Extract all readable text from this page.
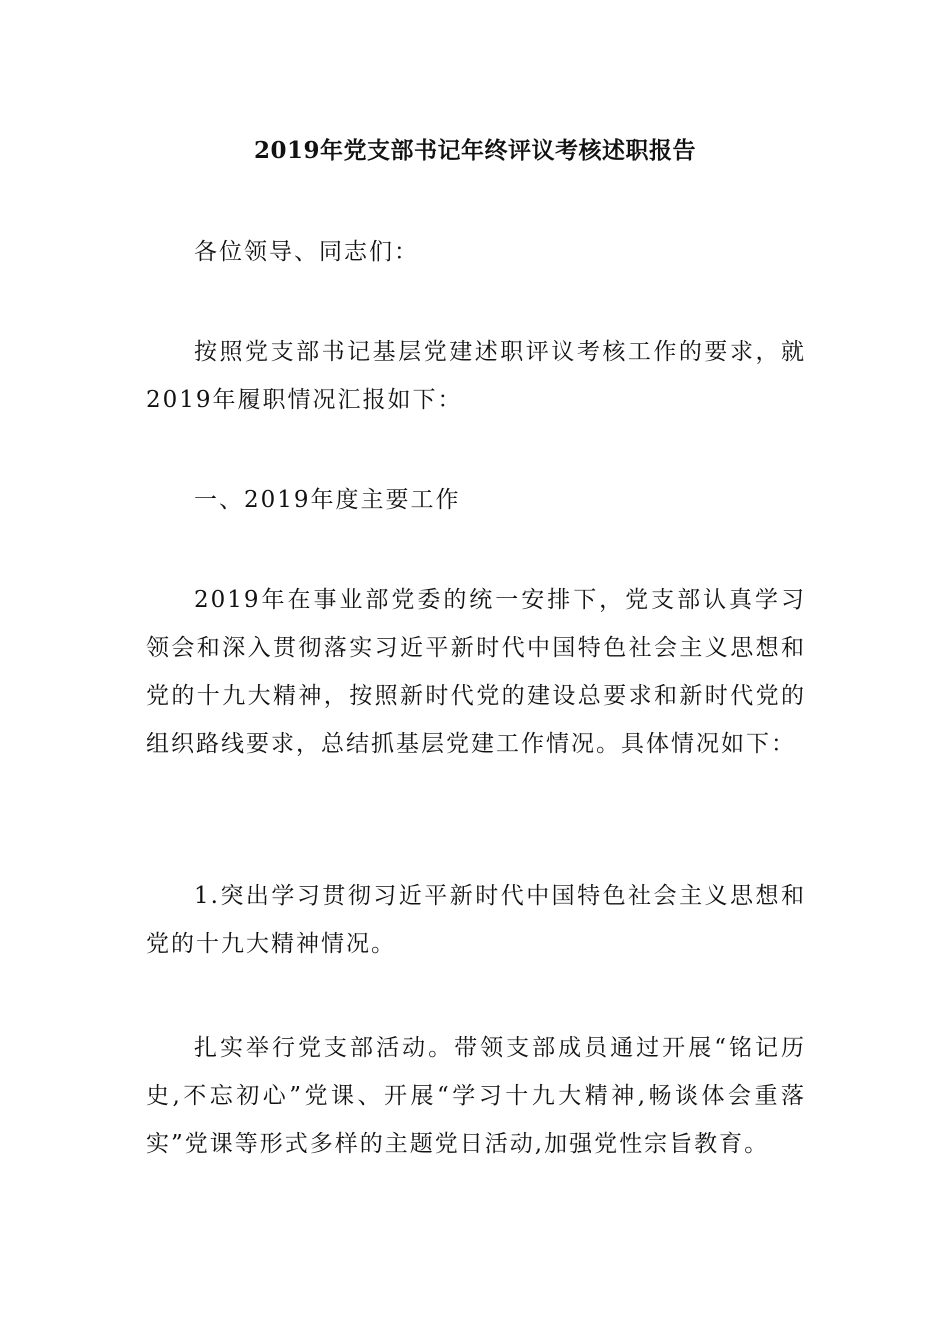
2019年党支部书记年终评议考核述职报告

各位领导、同志们：

按照党支部书记基层党建述职评议考核工作的要求，就2019年履职情况汇报如下：

一、2019年度主要工作

2019年在事业部党委的统一安排下，党支部认真学习领会和深入贯彻落实习近平新时代中国特色社会主义思想和党的十九大精神，按照新时代党的建设总要求和新时代党的组织路线要求，总结抓基层党建工作情况。具体情况如下：

1.突出学习贯彻习近平新时代中国特色社会主义思想和党的十九大精神情况。

扎实举行党支部活动。带领支部成员通过开展“铭记历史,不忘初心”党课、开展“学习十九大精神,畅谈体会重落实”党课等形式多样的主题党日活动,加强党性宗旨教育。
